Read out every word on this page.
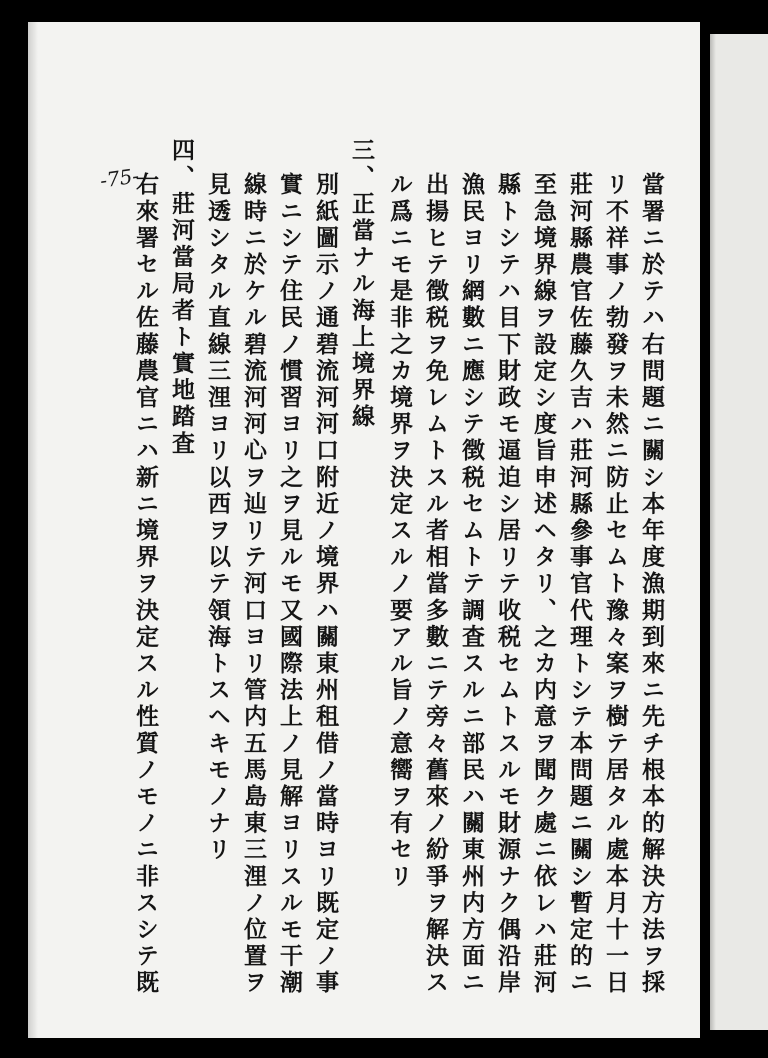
-75-	當署ニ於テハ右問題ニ關シ本年度漁期到來ニ先チ根本的解決方法ヲ採
リ不祥事ノ勃發ヲ未然ニ防止セムト豫々案ヲ樹テ居タル處本月十一日
莊河縣農官佐藤久吉ハ莊河縣參事官代理トシテ本問題ニ關シ暫定的ニ
至急境界線ヲ設定シ度旨申述ヘタリ、之カ内意ヲ聞ク處ニ依レハ莊河
縣トシテハ目下財政モ逼迫シ居リテ收税セムトスルモ財源ナク偶沿岸
漁民ヨリ網數ニ應シテ徴税セムトテ調査スルニ部民ハ關東州内方面ニ
出揚ヒテ徴税ヲ免レムトスル者相當多數ニテ旁々舊來ノ紛爭ヲ解決ス
ル爲ニモ是非之カ境界ヲ決定スルノ要アル旨ノ意嚮ヲ有セリ
三、正當ナル海上境界線
別紙圖示ノ通碧流河河口附近ノ境界ハ關東州租借ノ當時ヨリ既定ノ事
實ニシテ住民ノ慣習ヨリ之ヲ見ルモ又國際法上ノ見解ヨリスルモ干潮
線時ニ於ケル碧流河河心ヲ辿リテ河口ヨリ管内五馬島東三浬ノ位置ヲ
見透シタル直線三浬ヨリ以西ヲ以テ領海トスヘキモノナリ
四、莊河當局者ト實地踏査
右來署セル佐藤農官ニハ新ニ境界ヲ決定スル性質ノモノニ非スシテ既
